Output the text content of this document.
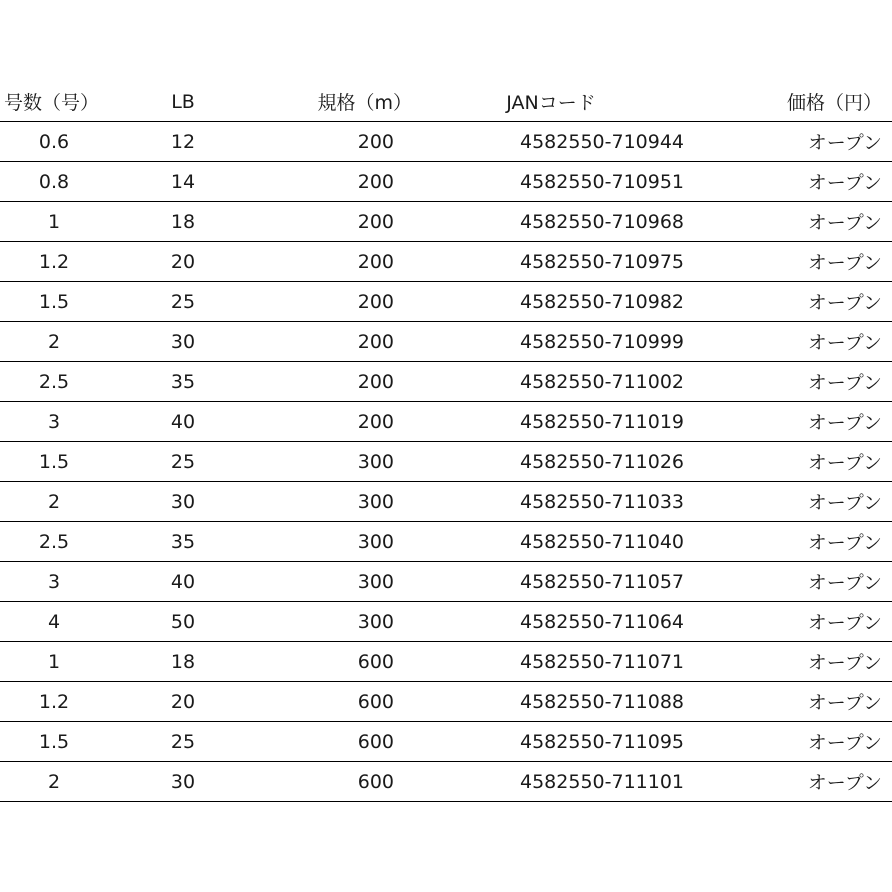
号数（号）	LB	規格（m）	JANコード	価格（円）
0.6	12	200	4582550-710944	オープン
0.8	14	200	4582550-710951	オープン
1	18	200	4582550-710968	オープン
1.2	20	200	4582550-710975	オープン
1.5	25	200	4582550-710982	オープン
2	30	200	4582550-710999	オープン
2.5	35	200	4582550-711002	オープン
3	40	200	4582550-711019	オープン
1.5	25	300	4582550-711026	オープン
2	30	300	4582550-711033	オープン
2.5	35	300	4582550-711040	オープン
3	40	300	4582550-711057	オープン
4	50	300	4582550-711064	オープン
1	18	600	4582550-711071	オープン
1.2	20	600	4582550-711088	オープン
1.5	25	600	4582550-711095	オープン
2	30	600	4582550-711101	オープン
